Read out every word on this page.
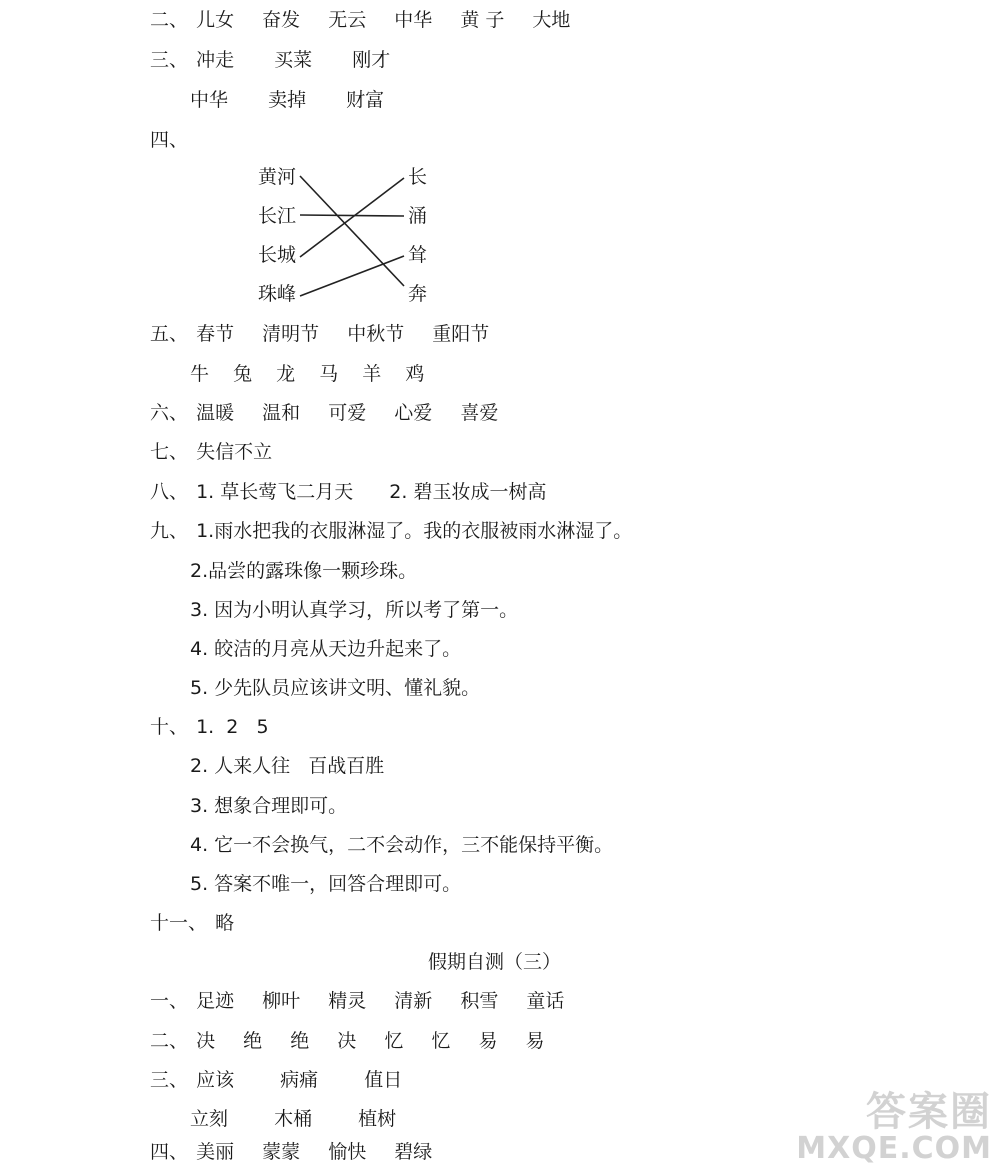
二、 儿女 奋发 无云 中华 黄 子 大地
三、 冲走 买菜 刚才
中华 卖掉 财富
四、
黄河
长江
长城
珠峰
长
涌
耸
奔
五、 春节 清明节 中秋节 重阳节
牛 兔 龙 马 羊 鸡
六、 温暖 温和 可爱 心爱 喜爱
七、 失信不立
八、 1. 草长莺飞二月天 2. 碧玉妆成一树高
九、 1.雨水把我的衣服淋湿了。我的衣服被雨水淋湿了。
2.品尝的露珠像一颗珍珠。
3. 因为小明认真学习，所以考了第一。
4. 皎洁的月亮从天边升起来了。
5. 少先队员应该讲文明、懂礼貌。
十、 1.  2   5
2. 人来人往   百战百胜
3. 想象合理即可。
4. 它一不会换气，二不会动作，三不能保持平衡。
5. 答案不唯一，回答合理即可。
十一、 略
假期自测（三）
一、 足迹 柳叶 精灵 清新 积雪 童话
二、 决 绝 绝 决 忆 忆 易 易
三、 应该 病痛 值日
立刻 木桶 植树
四、 美丽 蒙蒙 愉快 碧绿
答案圈
MXQE.COM
